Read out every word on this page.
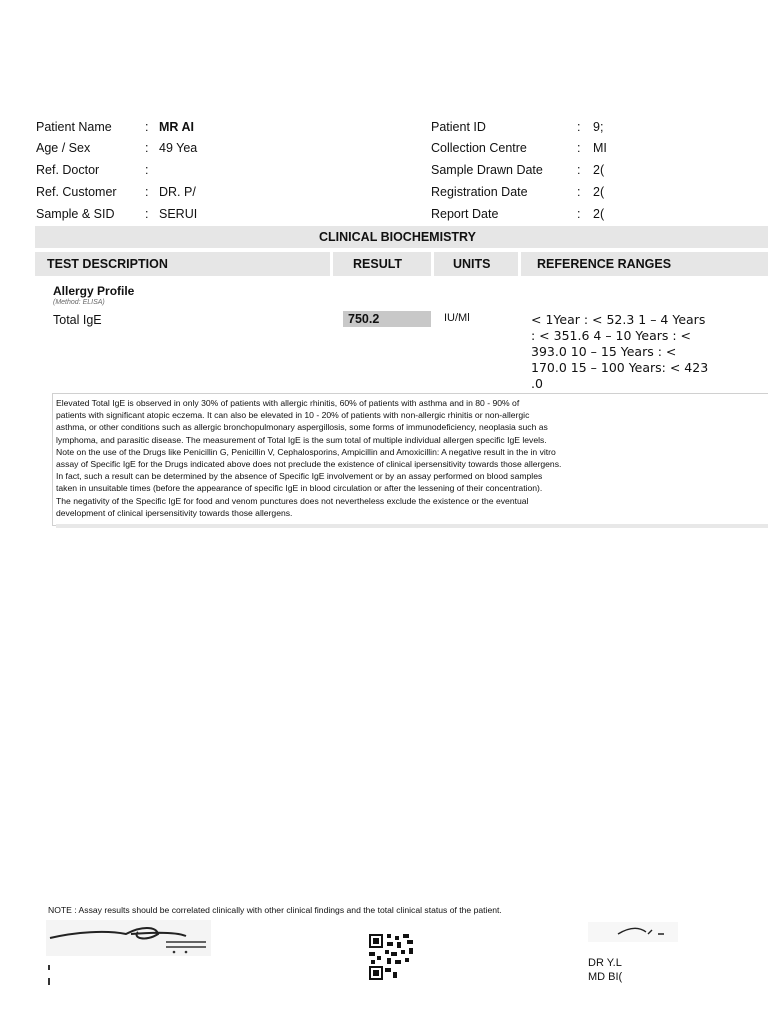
Patient Name	: MR AІ
Age / Sex	: 49 Yea
Ref. Doctor	:
Ref. Customer : DR. P/
Sample & SID : SERUI
Patient ID	: 9;
Collection Centre	: MI
Sample Drawn Date	: 2(
Registration Date	: 2(
Report Date	: 2(
CLINICAL BIOCHEMISTRY
TEST DESCRIPTION	RESULT	UNITS	REFERENCE RANGES
Allergy Profile
(Method: ELISA)
Total IgE	750.2	IU/Ml	< 1Year : < 52.3 1 – 4 Years
: < 351.6 4 – 10 Years : <
393.0 10 – 15 Years : <
170.0 15 – 100 Years: < 423
.0
Elevated Total IgE is observed in only 30% of patients with allergic rhinitis, 60% of patients with asthma and in 80 - 90% of
patients with significant atopic eczema. It can also be elevated in 10 - 20% of patients with non-allergic rhinitis or non-allergic
asthma, or other conditions such as allergic bronchopulmonary aspergillosis, some forms of immunodeficiency, neoplasia such as
lymphoma, and parasitic disease. The measurement of Total IgE is the sum total of multiple individual allergen specific IgE levels.
Note on the use of the Drugs like Penicillin G, Penicillin V, Cephalosporins, Ampicillin and Amoxicillin: A negative result in the in vitro
assay of Specific IgE for the Drugs indicated above does not preclude the existence of clinical ipersensitivity towards those allergens.
In fact, such a result can be determined by the absence of Specific IgE involvement or by an assay performed on blood samples
taken in unsuitable times (before the appearance of specific IgE in blood circulation or after the lessening of their concentration).
The negativity of the Specific IgE for food and venom punctures does not nevertheless exclude the existence or the eventual
development of clinical ipersensitivity towards those allergens.
NOTE : Assay results should be correlated clinically with other clinical findings and the total clinical status of the patient.
DR Y.L
MD BI(
